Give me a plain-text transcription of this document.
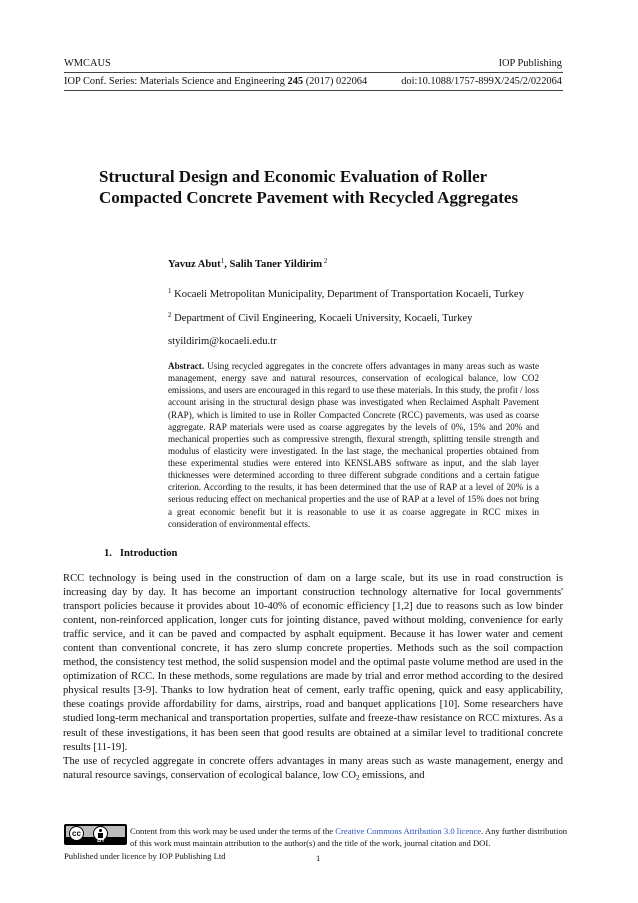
WMCAUS	IOP Publishing
IOP Conf. Series: Materials Science and Engineering 245 (2017) 022064	doi:10.1088/1757-899X/245/2/022064
Structural Design and Economic Evaluation of Roller
Compacted Concrete Pavement with Recycled Aggregates
Yavuz Abut$^1$, Salih Taner Yildirim $^2$
$^1$ Kocaeli Metropolitan Municipality, Department of Transportation Kocaeli, Turkey
$^2$ Department of Civil Engineering, Kocaeli University, Kocaeli, Turkey
styildirim@kocaeli.edu.tr
Abstract. Using recycled aggregates in the concrete offers advantages in many areas such as waste management, energy save and natural resources, conservation of ecological balance, low CO2 emissions, and users are encouraged in this regard to use these materials. In this study, the profit / loss account arising in the structural design phase was investigated when Reclaimed Asphalt Pavement (RAP), which is limited to use in Roller Compacted Concrete (RCC) pavements, was used as coarse aggregate. RAP materials were used as coarse aggregates by the levels of 0%, 15% and 20% and mechanical properties such as compressive strength, flexural strength, splitting tensile strength and modulus of elasticity were investigated. In the last stage, the mechanical properties obtained from these experimental studies were entered into KENSLABS software as input, and the slab layer thicknesses were determined according to three different subgrade conditions and a certain fatigue criterion. According to the results, it has been determined that the use of RAP at a level of 20% is a serious reducing effect on mechanical properties and the use of RAP at a level of 15% does not bring a great economic benefit but it is reasonable to use it as coarse aggregate in RCC mixes in consideration of environmental effects.
1. Introduction

RCC technology is being used in the construction of dam on a large scale, but its use in road construction is increasing day by day. It has become an important construction technology alternative for local governments' transport policies because it provides about 10-40% of economic efficiency [1,2] due to reasons such as low binder content, non-reinforced application, longer cuts for jointing distance, paved without molding, convenience for early traffic service, and it can be paved and compacted by asphalt equipment. Because it has lower water and cement content than conventional concrete, it has zero slump concrete properties. Methods such as the soil compaction method, the consistency test method, the solid suspension model and the optimal paste volume method are used in the optimization of RCC. In these methods, some regulations are made by trial and error method according to the desired physical results [3-9]. Thanks to low hydration heat of cement, early traffic opening, quick and easy applicability, these coatings provide affordability for dams, airstrips, road and banquet applications [10]. Some researchers have studied long-term mechanical and transportation properties, sulfate and freeze-thaw resistance on RCC mixtures. As a result of these investigations, it has been seen that good results are obtained at a similar level to traditional concrete results [11-19].

The use of recycled aggregate in concrete offers advantages in many areas such as waste management, energy and natural resource savings, conservation of ecological balance, low $CO_2$ emissions, and

cc
BY
Content from this work may be used under the terms of the Creative Commons Attribution 3.0 licence. Any further distribution
of this work must maintain attribution to the author(s) and the title of the work, journal citation and DOI.
Published under licence by IOP Publishing Ltd	1
